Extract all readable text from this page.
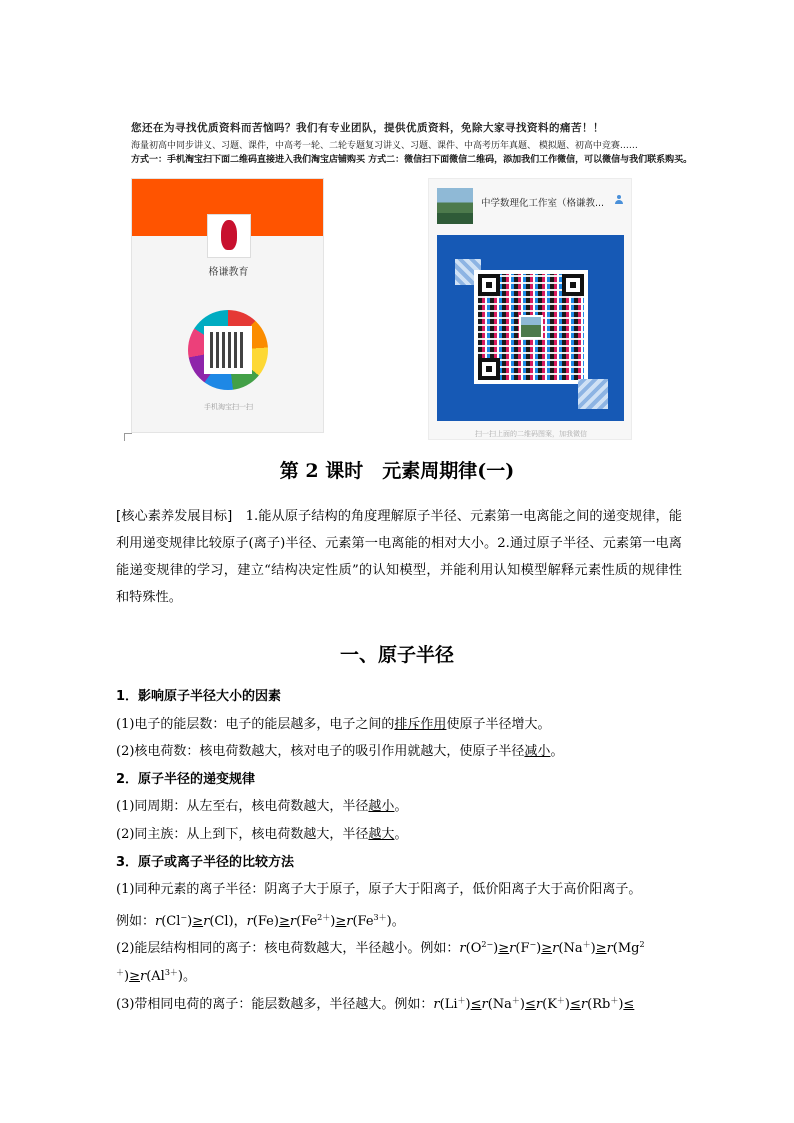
您还在为寻找优质资料而苦恼吗？我们有专业团队，提供优质资料，免除大家寻找资料的痛苦！！
海量初高中同步讲义、习题、课件，中高考一轮、二轮专题复习讲义、习题、课件、中高考历年真题、 模拟题、初高中竞赛……
方式一：手机淘宝扫下面二维码直接进入我们淘宝店铺购买 方式二：微信扫下面微信二维码，添加我们工作微信，可以微信与我们联系购买。
格谦教育
手机淘宝扫一扫
中学数理化工作室（格谦教...
扫一扫上面的二维码图案，加我微信
第 2 课时　元素周期律(一)
[核心素养发展目标]　1.能从原子结构的角度理解原子半径、元素第一电离能之间的递变规律，能利用递变规律比较原子(离子)半径、元素第一电离能的相对大小。2.通过原子半径、元素第一电离能递变规律的学习，建立“结构决定性质”的认知模型，并能利用认知模型解释元素性质的规律性和特殊性。
一、原子半径
1．影响原子半径大小的因素
(1)电子的能层数：电子的能层越多，电子之间的排斥作用使原子半径增大。
(2)核电荷数：核电荷数越大，核对电子的吸引作用就越大，使原子半径减小。
2．原子半径的递变规律
(1)同周期：从左至右，核电荷数越大，半径越小。
(2)同主族：从上到下，核电荷数越大，半径越大。
3．原子或离子半径的比较方法
(1)同种元素的离子半径：阴离子大于原子，原子大于阳离子，低价阳离子大于高价阳离子。
例如：r(Cl−)≥r(Cl)，$r(Fe)\ge r(Fe^{2+})\ge r(Fe^{3+})$。
(2)能层结构相同的离子：核电荷数越大，半径越小。例如：$r(O^{2-})\ge r(F^-)\ge r(Na^+)\ge r(Mg^2$
$^+)\ge r(Al^{3+})$。
(3)带相同电荷的离子：能层数越多，半径越大。例如：r(Li＋)≤r(Na＋)≤r(K＋)≤r(Rb＋)≤
